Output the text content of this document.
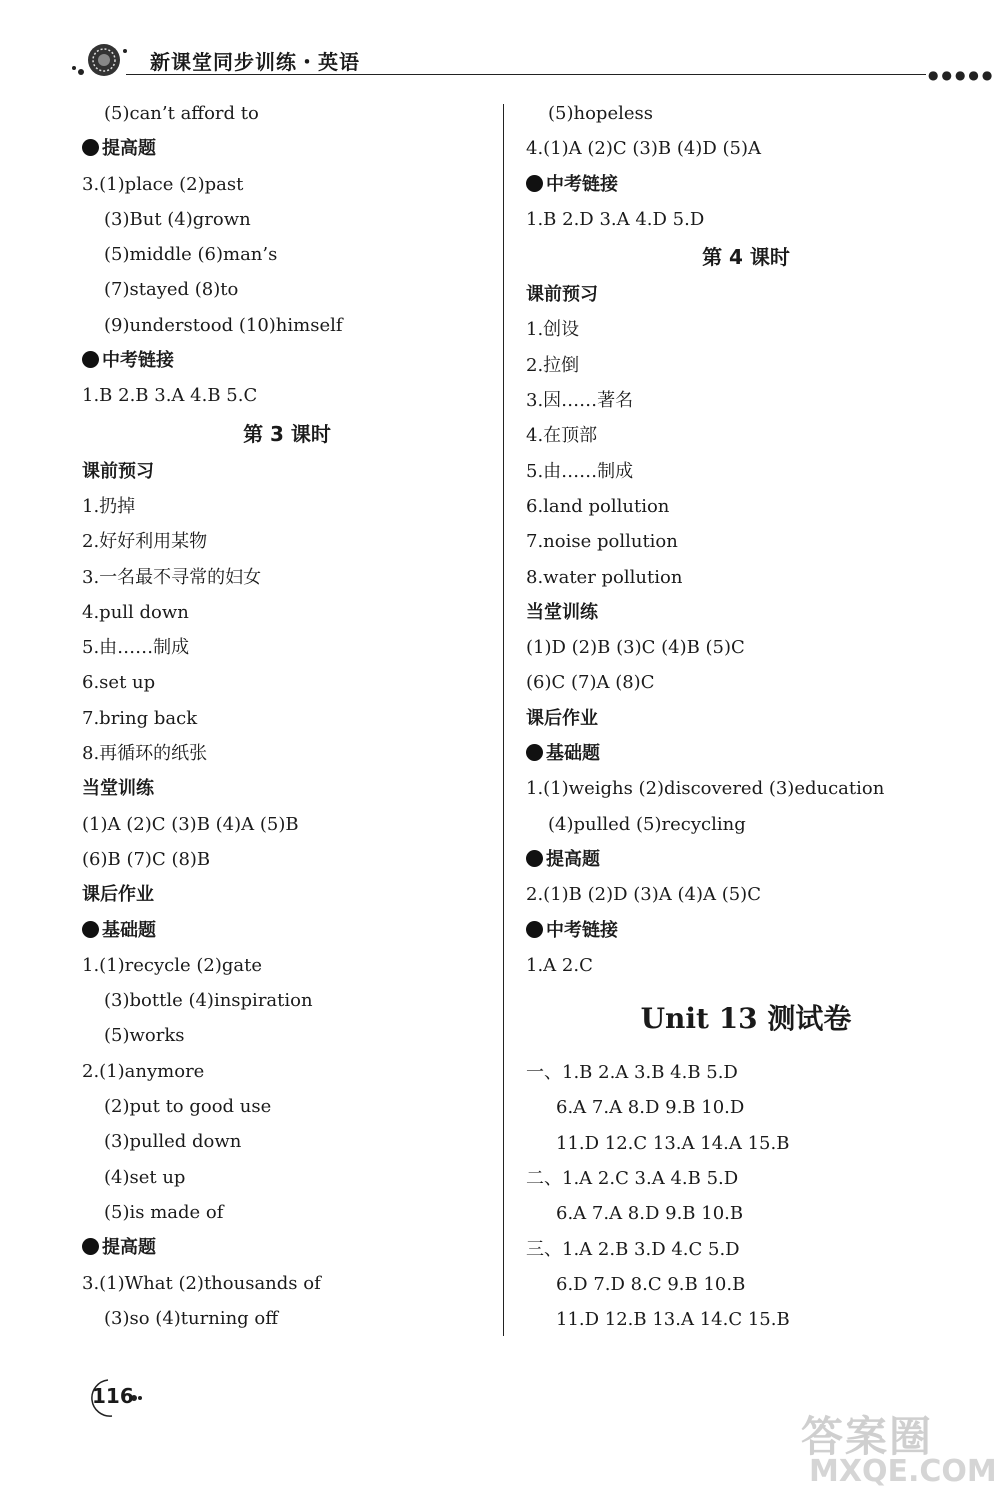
新课堂同步训练・英语
●●●●●
(5)can’t afford to
提高题
3.(1)place (2)past
(3)But (4)grown
(5)middle (6)man’s
(7)stayed (8)to
(9)understood (10)himself
中考链接
1.B 2.B 3.A 4.B 5.C
第 3 课时
课前预习
1.扔掉
2.好好利用某物
3.一名最不寻常的妇女
4.pull down
5.由……制成
6.set up
7.bring back
8.再循环的纸张
当堂训练
(1)A (2)C (3)B (4)A (5)B
(6)B (7)C (8)B
课后作业
基础题
1.(1)recycle (2)gate
(3)bottle (4)inspiration
(5)works
2.(1)anymore
(2)put to good use
(3)pulled down
(4)set up
(5)is made of
提高题
3.(1)What (2)thousands of
(3)so (4)turning off
(5)hopeless
4.(1)A (2)C (3)B (4)D (5)A
中考链接
1.B 2.D 3.A 4.D 5.D
第 4 课时
课前预习
1.创设
2.拉倒
3.因……著名
4.在顶部
5.由……制成
6.land pollution
7.noise pollution
8.water pollution
当堂训练
(1)D (2)B (3)C (4)B (5)C
(6)C (7)A (8)C
课后作业
基础题
1.(1)weighs (2)discovered (3)education
(4)pulled (5)recycling
提高题
2.(1)B (2)D (3)A (4)A (5)C
中考链接
1.A 2.C
Unit 13 测试卷
一、1.B 2.A 3.B 4.B 5.D
6.A 7.A 8.D 9.B 10.D
11.D 12.C 13.A 14.A 15.B
二、1.A 2.C 3.A 4.B 5.D
6.A 7.A 8.D 9.B 10.B
三、1.A 2.B 3.D 4.C 5.D
6.D 7.D 8.C 9.B 10.B
11.D 12.B 13.A 14.C 15.B
116
答案圈
MXQE.COM
